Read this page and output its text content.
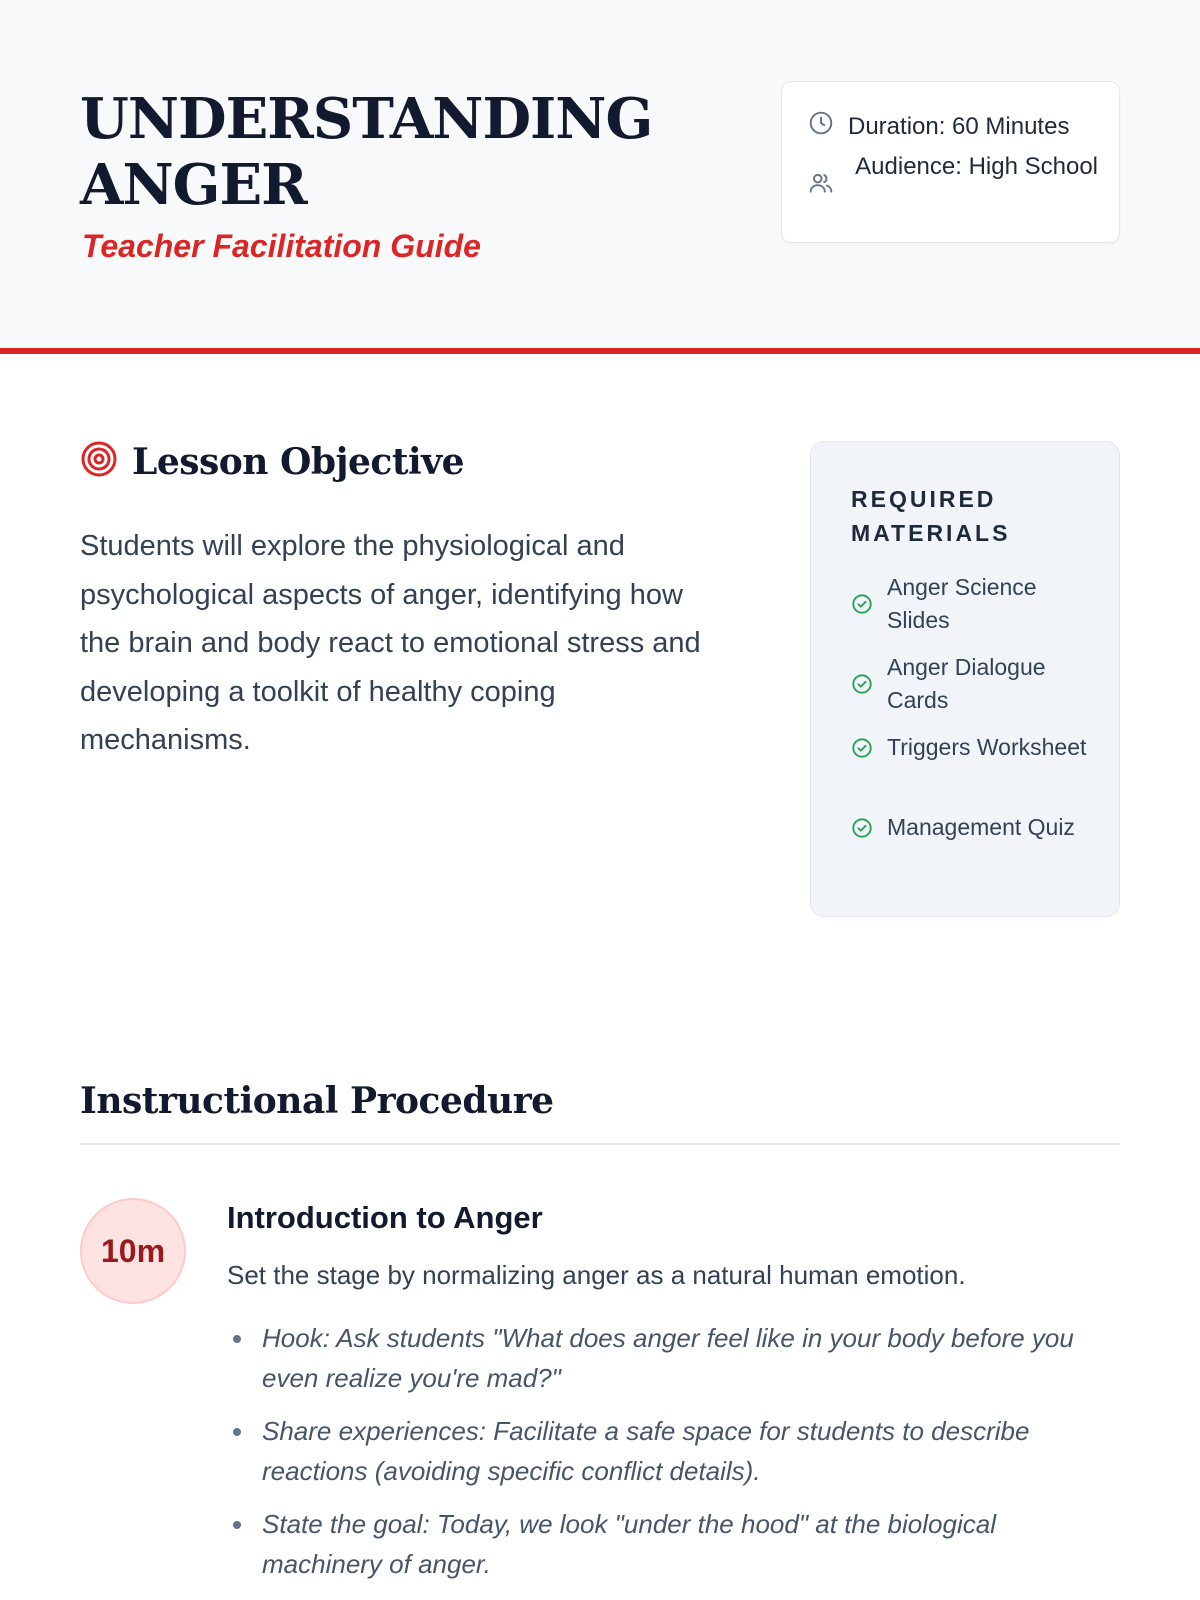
UNDERSTANDING
ANGER
Teacher Facilitation Guide
Duration: 60 Minutes
Audience: High School
Lesson Objective

Students will explore the physiological and psychological aspects of anger, identifying how the brain and body react to emotional stress and developing a toolkit of healthy coping mechanisms.

REQUIRED MATERIALS
Anger Science Slides
Anger Dialogue Cards
Triggers Worksheet
Management Quiz
Instructional Procedure
10m
Introduction to Anger
Set the stage by normalizing anger as a natural human emotion.
Hook: Ask students "What does anger feel like in your body before you even realize you're mad?"
Share experiences: Facilitate a safe space for students to describe reactions (avoiding specific conflict details).
State the goal: Today, we look "under the hood" at the biological machinery of anger.
